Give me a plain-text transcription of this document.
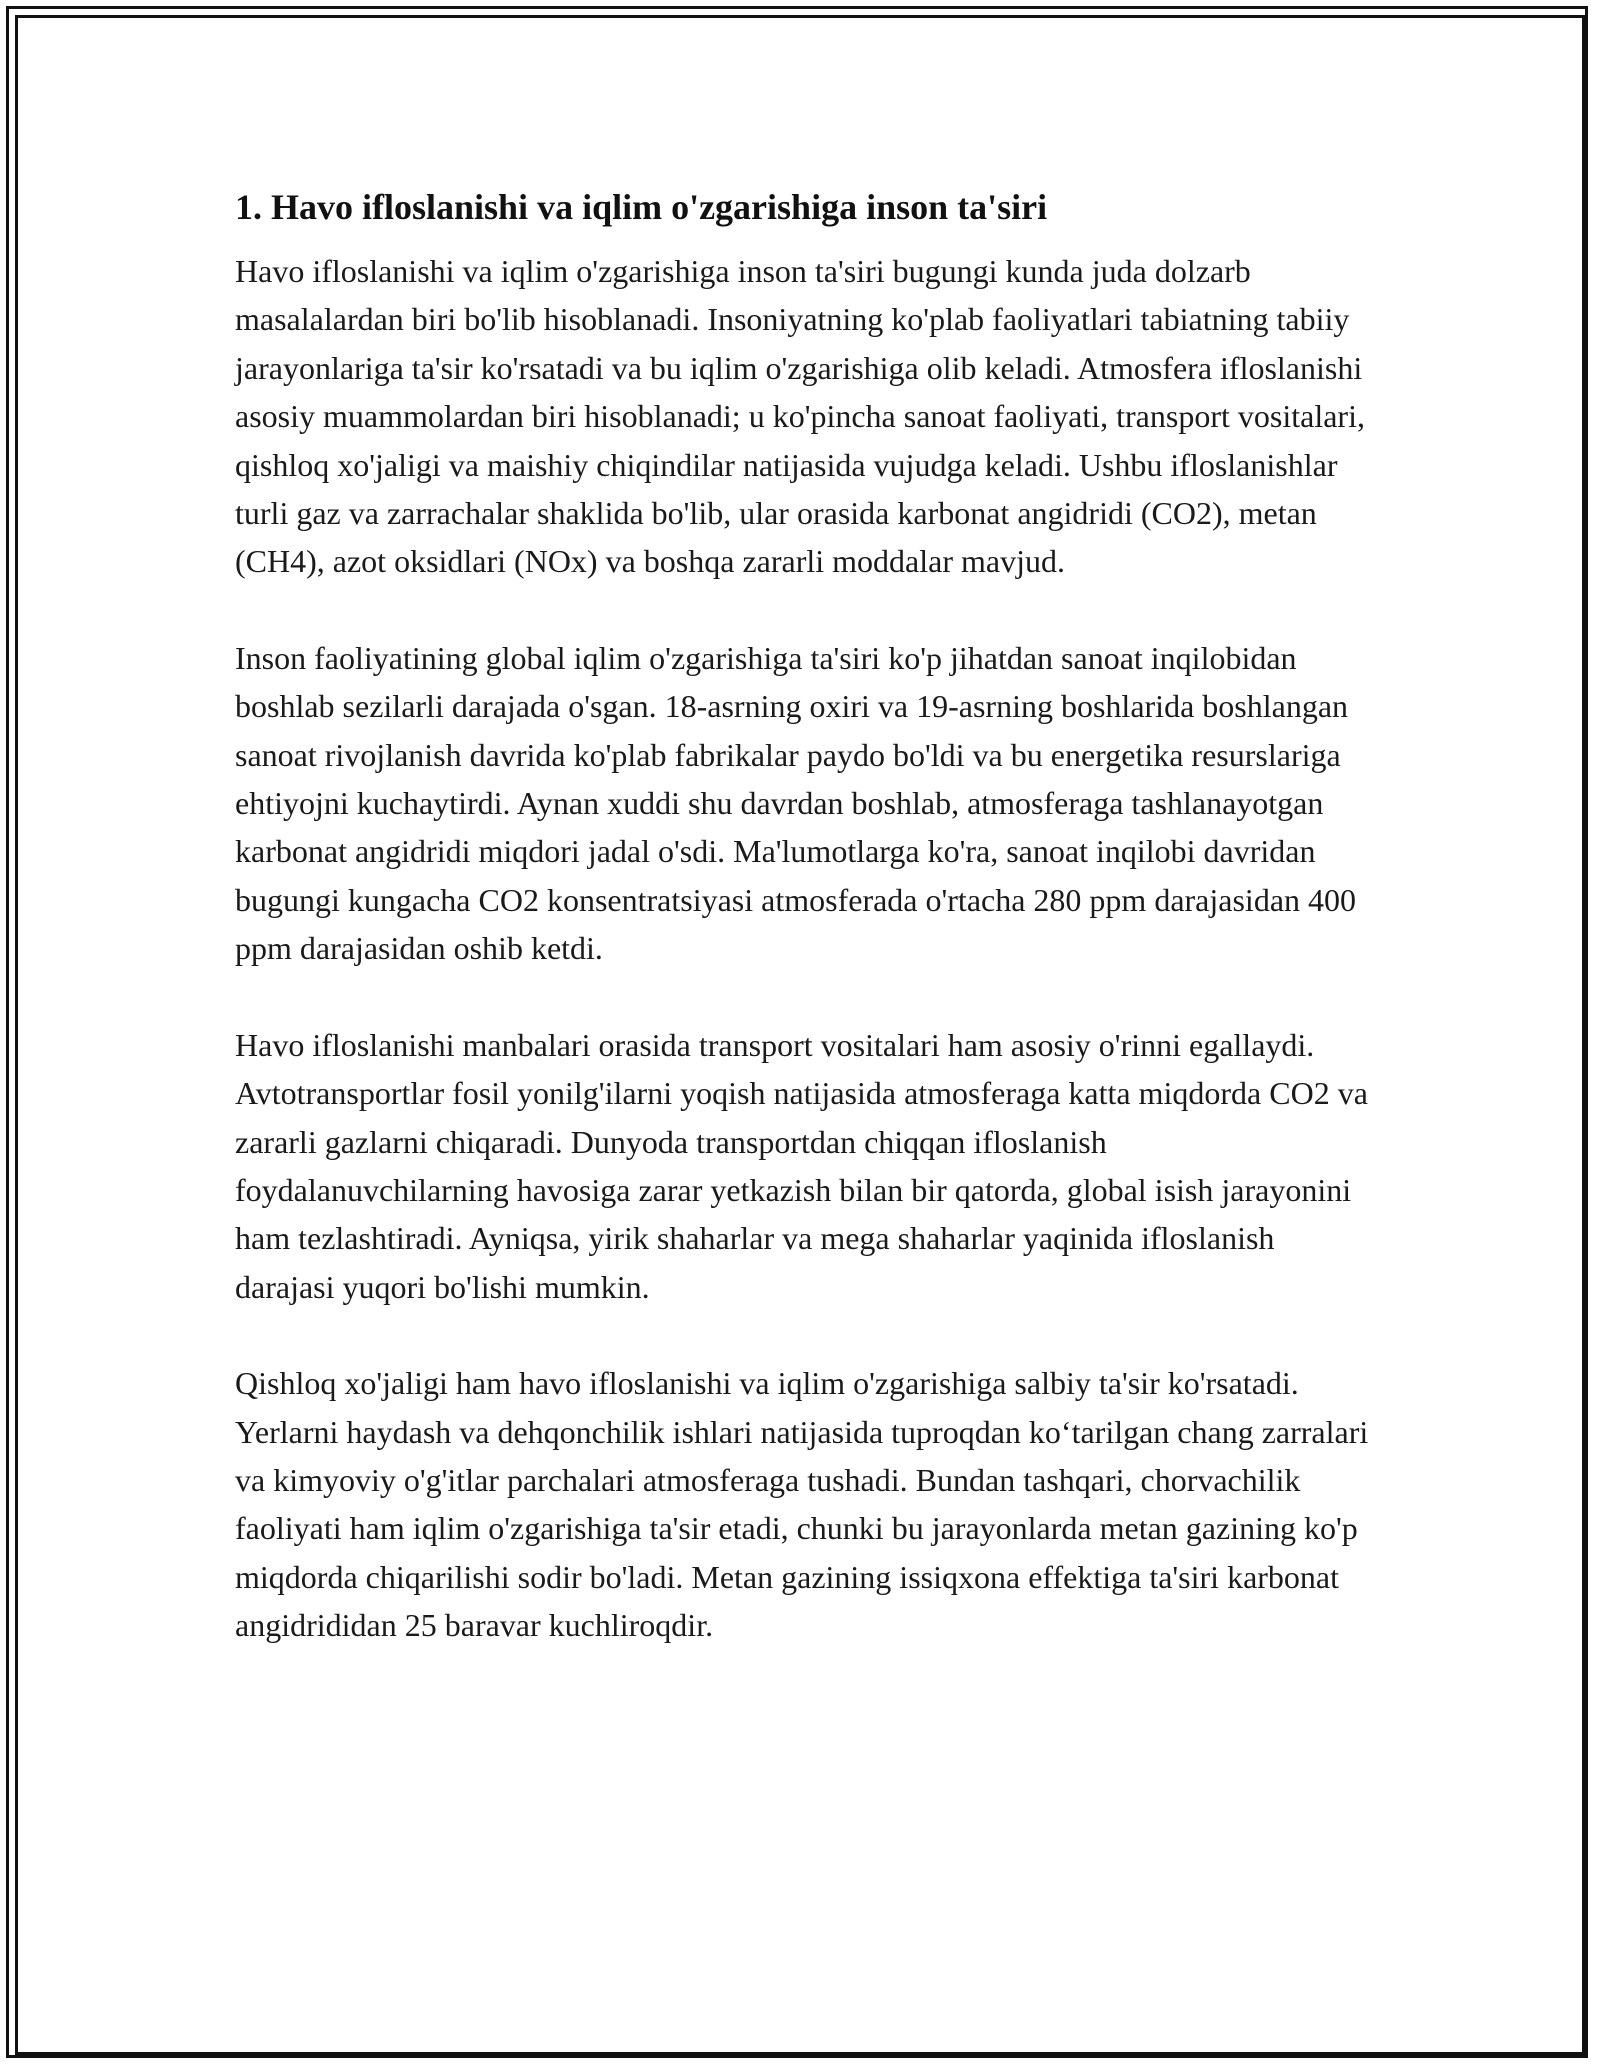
1. Havo ifloslanishi va iqlim o'zgarishiga inson ta'siri

Havo ifloslanishi va iqlim o'zgarishiga inson ta'siri bugungi kunda juda dolzarb masalalardan biri bo'lib hisoblanadi. Insoniyatning ko'plab faoliyatlari tabiatning tabiiy jarayonlariga ta'sir ko'rsatadi va bu iqlim o'zgarishiga olib keladi. Atmosfera ifloslanishi asosiy muammolardan biri hisoblanadi; u ko'pincha sanoat faoliyati, transport vositalari, qishloq xo'jaligi va maishiy chiqindilar natijasida vujudga keladi. Ushbu ifloslanishlar turli gaz va zarrachalar shaklida bo'lib, ular orasida karbonat angidridi (CO2), metan (CH4), azot oksidlari (NOx) va boshqa zararli moddalar mavjud.

Inson faoliyatining global iqlim o'zgarishiga ta'siri ko'p jihatdan sanoat inqilobidan boshlab sezilarli darajada o'sgan. 18-asrning oxiri va 19-asrning boshlarida boshlangan sanoat rivojlanish davrida ko'plab fabrikalar paydo bo'ldi va bu energetika resurslariga ehtiyojni kuchaytirdi. Aynan xuddi shu davrdan boshlab, atmosferaga tashlanayotgan karbonat angidridi miqdori jadal o'sdi. Ma'lumotlarga ko'ra, sanoat inqilobi davridan bugungi kungacha CO2 konsentratsiyasi atmosferada o'rtacha 280 ppm darajasidan 400 ppm darajasidan oshib ketdi.

Havo ifloslanishi manbalari orasida transport vositalari ham asosiy o'rinni egallaydi. Avtotransportlar fosil yonilg'ilarni yoqish natijasida atmosferaga katta miqdorda CO2 va zararli gazlarni chiqaradi. Dunyoda transportdan chiqqan ifloslanish foydalanuvchilarning havosiga zarar yetkazish bilan bir qatorda, global isish jarayonini ham tezlashtiradi. Ayniqsa, yirik shaharlar va mega shaharlar yaqinida ifloslanish darajasi yuqori bo'lishi mumkin.

Qishloq xo'jaligi ham havo ifloslanishi va iqlim o'zgarishiga salbiy ta'sir ko'rsatadi. Yerlarni haydash va dehqonchilik ishlari natijasida tuproqdan ko‘tarilgan chang zarralari va kimyoviy o'g'itlar parchalari atmosferaga tushadi. Bundan tashqari, chorvachilik faoliyati ham iqlim o'zgarishiga ta'sir etadi, chunki bu jarayonlarda metan gazining ko'p miqdorda chiqarilishi sodir bo'ladi. Metan gazining issiqxona effektiga ta'siri karbonat angidrididan 25 baravar kuchliroqdir.
